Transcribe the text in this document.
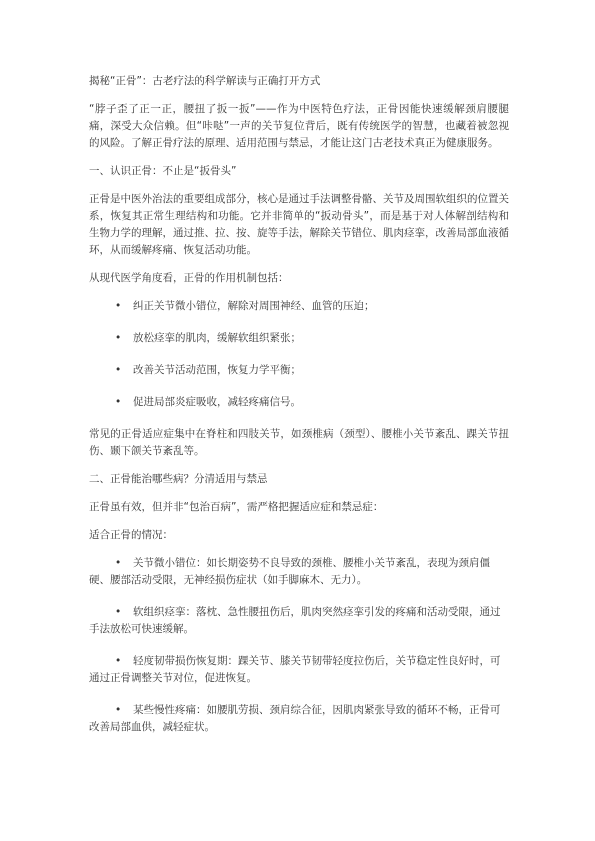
揭秘“正骨”：古老疗法的科学解读与正确打开方式

“脖子歪了正一正，腰扭了扳一扳”——作为中医特色疗法，正骨因能快速缓解颈肩腰腿痛，深受大众信赖。但“咔哒”一声的关节复位背后，既有传统医学的智慧，也藏着被忽视的风险。了解正骨疗法的原理、适用范围与禁忌，才能让这门古老技术真正为健康服务。

一、认识正骨：不止是“扳骨头”

正骨是中医外治法的重要组成部分，核心是通过手法调整骨骼、关节及周围软组织的位置关系，恢复其正常生理结构和功能。它并非简单的“扳动骨头”，而是基于对人体解剖结构和生物力学的理解，通过推、拉、按、旋等手法，解除关节错位、肌肉痉挛，改善局部血液循环，从而缓解疼痛、恢复活动功能。

从现代医学角度看，正骨的作用机制包括：

• 纠正关节微小错位，解除对周围神经、血管的压迫；
• 放松痉挛的肌肉，缓解软组织紧张；
• 改善关节活动范围，恢复力学平衡；
• 促进局部炎症吸收，减轻疼痛信号。

常见的正骨适应症集中在脊柱和四肢关节，如颈椎病（颈型）、腰椎小关节紊乱、踝关节扭伤、颞下颌关节紊乱等。

二、正骨能治哪些病？分清适用与禁忌

正骨虽有效，但并非“包治百病”，需严格把握适应症和禁忌症：

适合正骨的情况：

• 关节微小错位：如长期姿势不良导致的颈椎、腰椎小关节紊乱，表现为颈肩僵硬、腰部活动受限，无神经损伤症状（如手脚麻木、无力）。
• 软组织痉挛：落枕、急性腰扭伤后，肌肉突然痉挛引发的疼痛和活动受限，通过手法放松可快速缓解。
• 轻度韧带损伤恢复期：踝关节、膝关节韧带轻度拉伤后，关节稳定性良好时，可通过正骨调整关节对位，促进恢复。
• 某些慢性疼痛：如腰肌劳损、颈肩综合征，因肌肉紧张导致的循环不畅，正骨可改善局部血供，减轻症状。
